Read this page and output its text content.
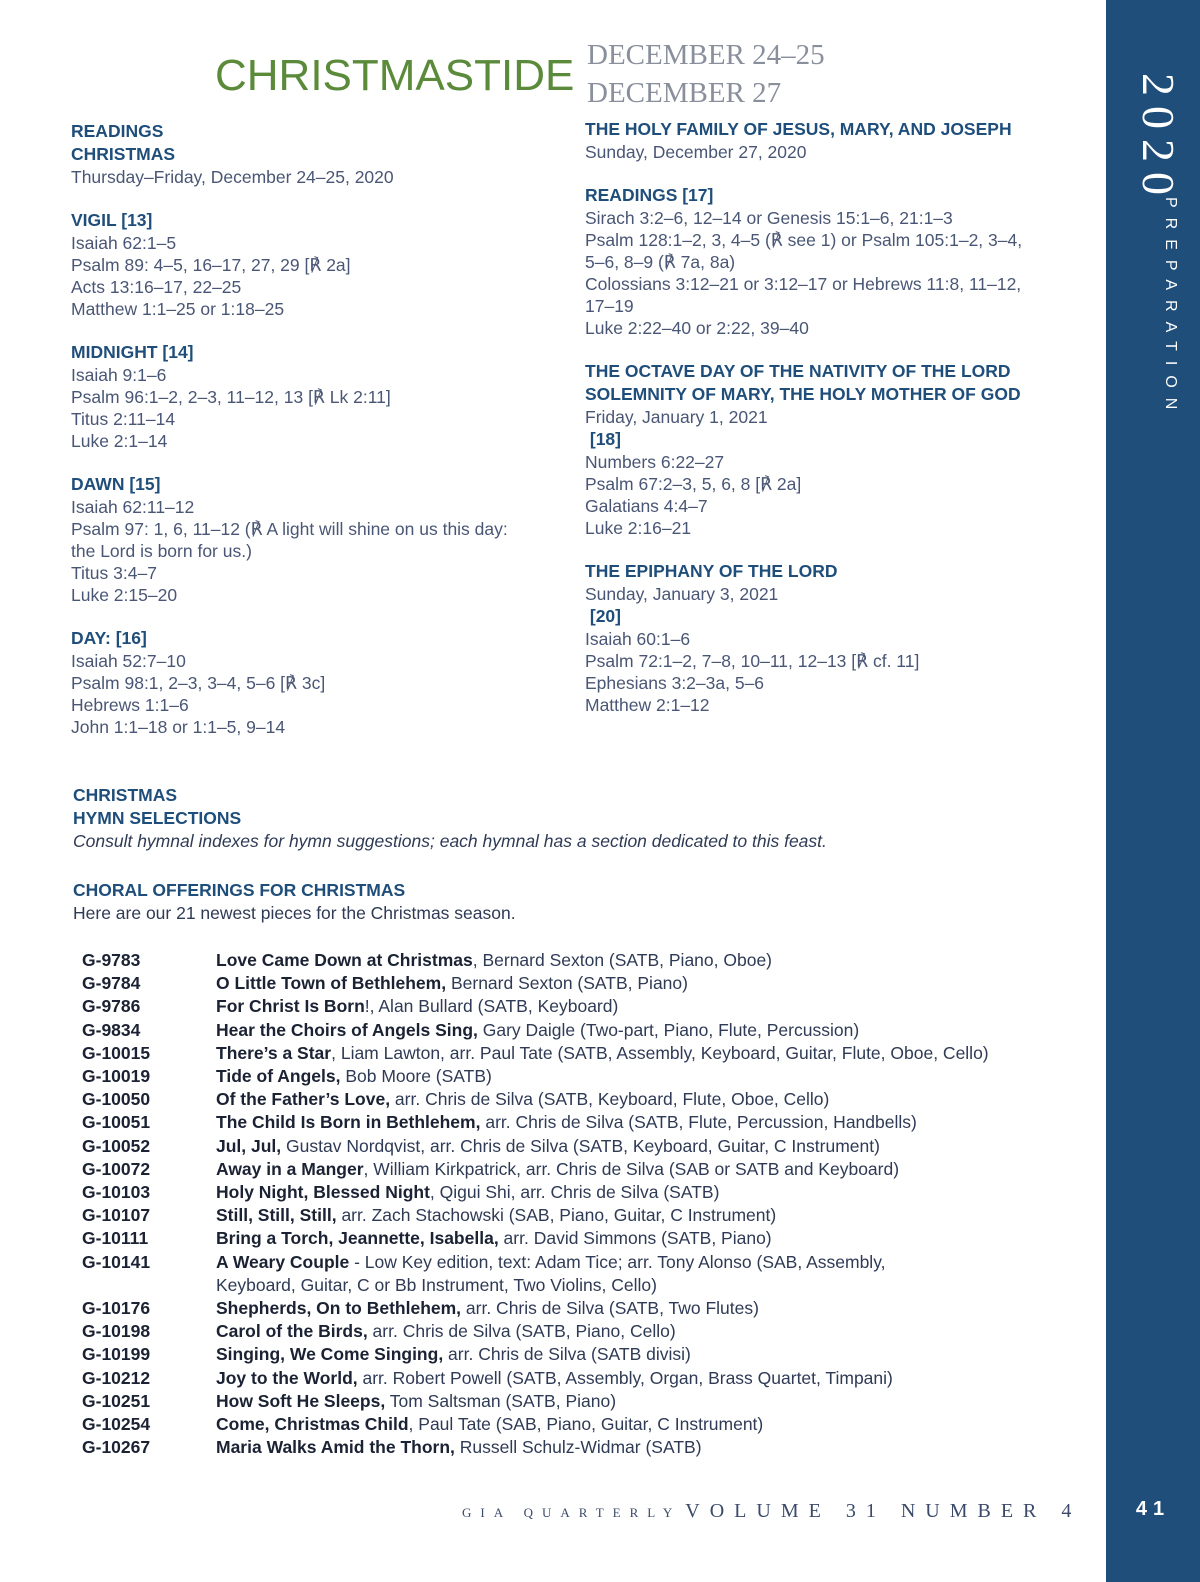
2020
PREPARATION
41
CHRISTMASTIDE DECEMBER 24–25
DECEMBER 27
READINGS
CHRISTMAS
Thursday–Friday, December 24–25, 2020
VIGIL [13]
Isaiah 62:1–5
Psalm 89: 4–5, 16–17, 27, 29 [℟ 2a]
Acts 13:16–17, 22–25
Matthew 1:1–25 or 1:18–25
MIDNIGHT [14]
Isaiah 9:1–6
Psalm 96:1–2, 2–3, 11–12, 13 [℟ Lk 2:11]
Titus 2:11–14
Luke 2:1–14
DAWN [15]
Isaiah 62:11–12
Psalm 97: 1, 6, 11–12 (℟ A light will shine on us this day:
the Lord is born for us.)
Titus 3:4–7
Luke 2:15–20
DAY: [16]
Isaiah 52:7–10
Psalm 98:1, 2–3, 3–4, 5–6 [℟ 3c]
Hebrews 1:1–6
John 1:1–18 or 1:1–5, 9–14
THE HOLY FAMILY OF JESUS, MARY, AND JOSEPH
Sunday, December 27, 2020
READINGS [17]
Sirach 3:2–6, 12–14 or Genesis 15:1–6, 21:1–3
Psalm 128:1–2, 3, 4–5 (℟ see 1) or Psalm 105:1–2, 3–4,
5–6, 8–9 (℟ 7a, 8a)
Colossians 3:12–21 or 3:12–17 or Hebrews 11:8, 11–12,
17–19
Luke 2:22–40 or 2:22, 39–40
THE OCTAVE DAY OF THE NATIVITY OF THE LORD
SOLEMNITY OF MARY, THE HOLY MOTHER OF GOD
Friday, January 1, 2021
[18]
Numbers 6:22–27
Psalm 67:2–3, 5, 6, 8 [℟ 2a]
Galatians 4:4–7
Luke 2:16–21
THE EPIPHANY OF THE LORD
Sunday, January 3, 2021
[20]
Isaiah 60:1–6
Psalm 72:1–2, 7–8, 10–11, 12–13 [℟ cf. 11]
Ephesians 3:2–3a, 5–6
Matthew 2:1–12
CHRISTMAS
HYMN SELECTIONS
Consult hymnal indexes for hymn suggestions; each hymnal has a section dedicated to this feast.
CHORAL OFFERINGS FOR CHRISTMAS
Here are our 21 newest pieces for the Christmas season.
G-9783	Love Came Down at Christmas, Bernard Sexton (SATB, Piano, Oboe)
G-9784	O Little Town of Bethlehem, Bernard Sexton (SATB, Piano)
G-9786	For Christ Is Born!, Alan Bullard (SATB, Keyboard)
G-9834	Hear the Choirs of Angels Sing, Gary Daigle (Two-part, Piano, Flute, Percussion)
G-10015	There’s a Star, Liam Lawton, arr. Paul Tate (SATB, Assembly, Keyboard, Guitar, Flute, Oboe, Cello)
G-10019	Tide of Angels, Bob Moore (SATB)
G-10050	Of the Father’s Love, arr. Chris de Silva (SATB, Keyboard, Flute, Oboe, Cello)
G-10051	The Child Is Born in Bethlehem, arr. Chris de Silva (SATB, Flute, Percussion, Handbells)
G-10052	Jul, Jul, Gustav Nordqvist, arr. Chris de Silva (SATB, Keyboard, Guitar, C Instrument)
G-10072	Away in a Manger, William Kirkpatrick, arr. Chris de Silva (SAB or SATB and Keyboard)
G-10103	Holy Night, Blessed Night, Qigui Shi, arr. Chris de Silva (SATB)
G-10107	Still, Still, Still, arr. Zach Stachowski (SAB, Piano, Guitar, C Instrument)
G-10111	Bring a Torch, Jeannette, Isabella, arr. David Simmons (SATB, Piano)
G-10141	A Weary Couple - Low Key edition, text: Adam Tice; arr. Tony Alonso (SAB, Assembly,
Keyboard, Guitar, C or Bb Instrument, Two Violins, Cello)
G-10176	Shepherds, On to Bethlehem, arr. Chris de Silva (SATB, Two Flutes)
G-10198	Carol of the Birds, arr. Chris de Silva (SATB, Piano, Cello)
G-10199	Singing, We Come Singing, arr. Chris de Silva (SATB divisi)
G-10212	Joy to the World, arr. Robert Powell (SATB, Assembly, Organ, Brass Quartet, Timpani)
G-10251	How Soft He Sleeps, Tom Saltsman (SATB, Piano)
G-10254	Come, Christmas Child, Paul Tate (SAB, Piano, Guitar, C Instrument)
G-10267	Maria Walks Amid the Thorn, Russell Schulz-Widmar (SATB)
GIA QUARTERLY VOLUME 31 NUMBER 4
